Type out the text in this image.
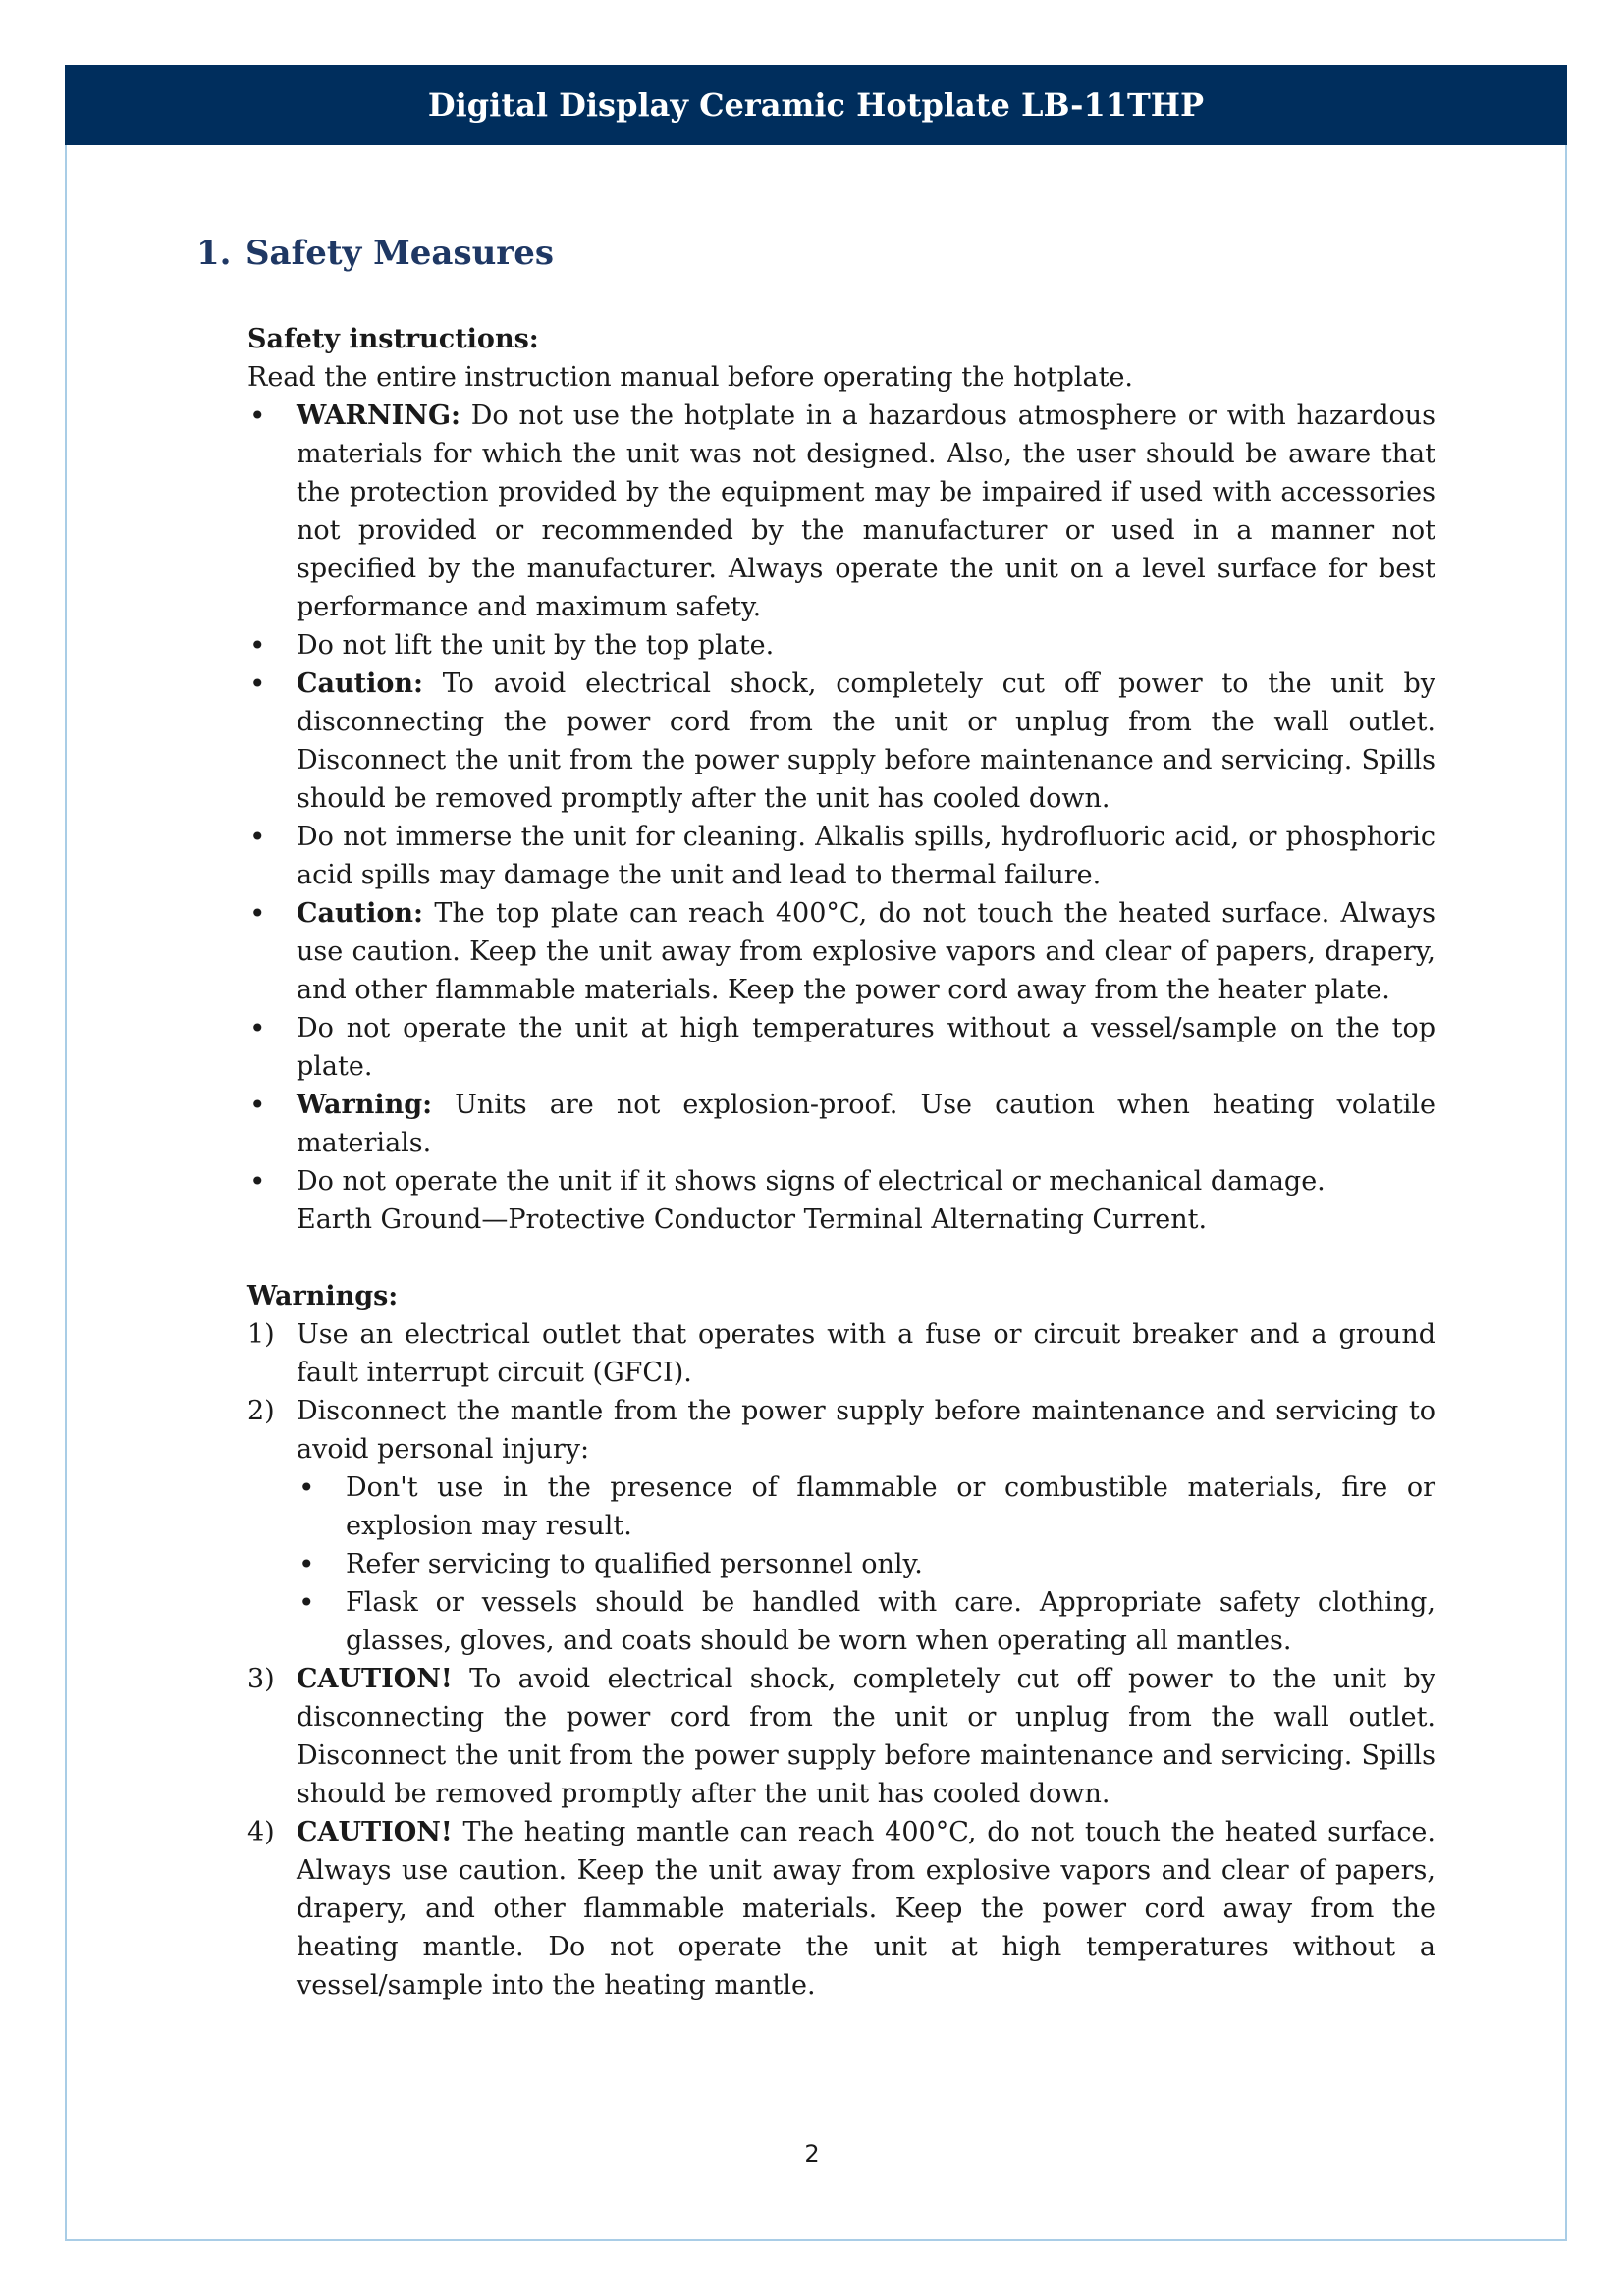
Digital Display Ceramic Hotplate LB-11THP
1. Safety Measures

Safety instructions:

Read the entire instruction manual before operating the hotplate.

• WARNING: Do not use the hotplate in a hazardous atmosphere or with hazardous materials for which the unit was not designed. Also, the user should be aware that the protection provided by the equipment may be impaired if used with accessories not provided or recommended by the manufacturer or used in a manner not specified by the manufacturer. Always operate the unit on a level surface for best performance and maximum safety.
• Do not lift the unit by the top plate.
• Caution: To avoid electrical shock, completely cut off power to the unit by disconnecting the power cord from the unit or unplug from the wall outlet. Disconnect the unit from the power supply before maintenance and servicing. Spills should be removed promptly after the unit has cooled down.
• Do not immerse the unit for cleaning. Alkalis spills, hydrofluoric acid, or phosphoric acid spills may damage the unit and lead to thermal failure.
• Caution: The top plate can reach 400°C, do not touch the heated surface. Always use caution. Keep the unit away from explosive vapors and clear of papers, drapery, and other flammable materials. Keep the power cord away from the heater plate.
• Do not operate the unit at high temperatures without a vessel/sample on the top plate.
• Warning: Units are not explosion-proof. Use caution when heating volatile materials.
• Do not operate the unit if it shows signs of electrical or mechanical damage.
Earth Ground—Protective Conductor Terminal Alternating Current.

Warnings:

1) Use an electrical outlet that operates with a fuse or circuit breaker and a ground fault interrupt circuit (GFCI).
2) Disconnect the mantle from the power supply before maintenance and servicing to avoid personal injury:
• Don't use in the presence of flammable or combustible materials, fire or explosion may result.
• Refer servicing to qualified personnel only.
• Flask or vessels should be handled with care. Appropriate safety clothing, glasses, gloves, and coats should be worn when operating all mantles.
3) CAUTION! To avoid electrical shock, completely cut off power to the unit by disconnecting the power cord from the unit or unplug from the wall outlet. Disconnect the unit from the power supply before maintenance and servicing. Spills should be removed promptly after the unit has cooled down.
4) CAUTION! The heating mantle can reach 400°C, do not touch the heated surface. Always use caution. Keep the unit away from explosive vapors and clear of papers, drapery, and other flammable materials. Keep the power cord away from the heating mantle. Do not operate the unit at high temperatures without a vessel/sample into the heating mantle.
2
